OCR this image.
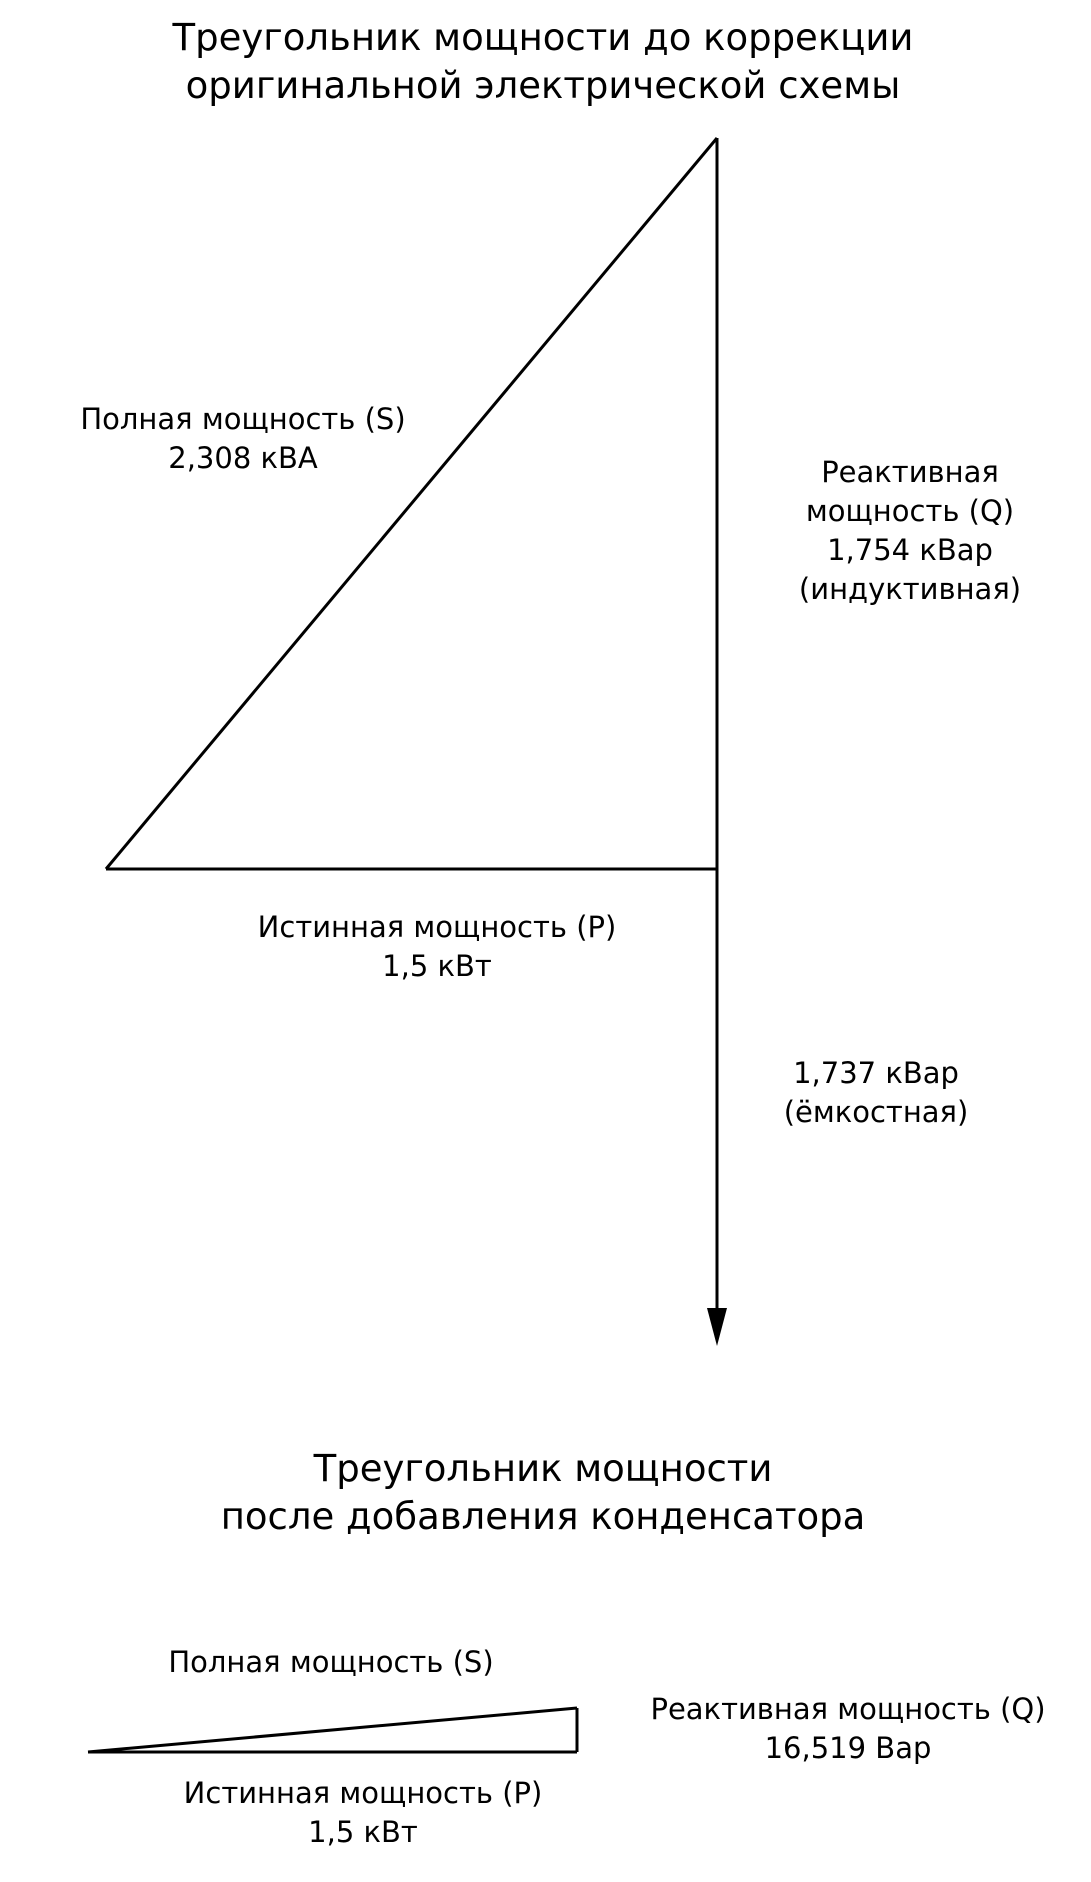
Треугольник мощности до коррекции
оригинальной электрической схемы
Полная мощность (S)
2,308 кВА	Реактивная
мощность (Q)
1,754 кВар
(индуктивная)
Истинная мощность (P)
1,5 кВт
1,737 кВар
(ёмкостная)
Треугольник мощности
после добавления конденсатора
Полная мощность (S)
Реактивная мощность (Q)
16,519 Вар
Истинная мощность (P)
1,5 кВт
